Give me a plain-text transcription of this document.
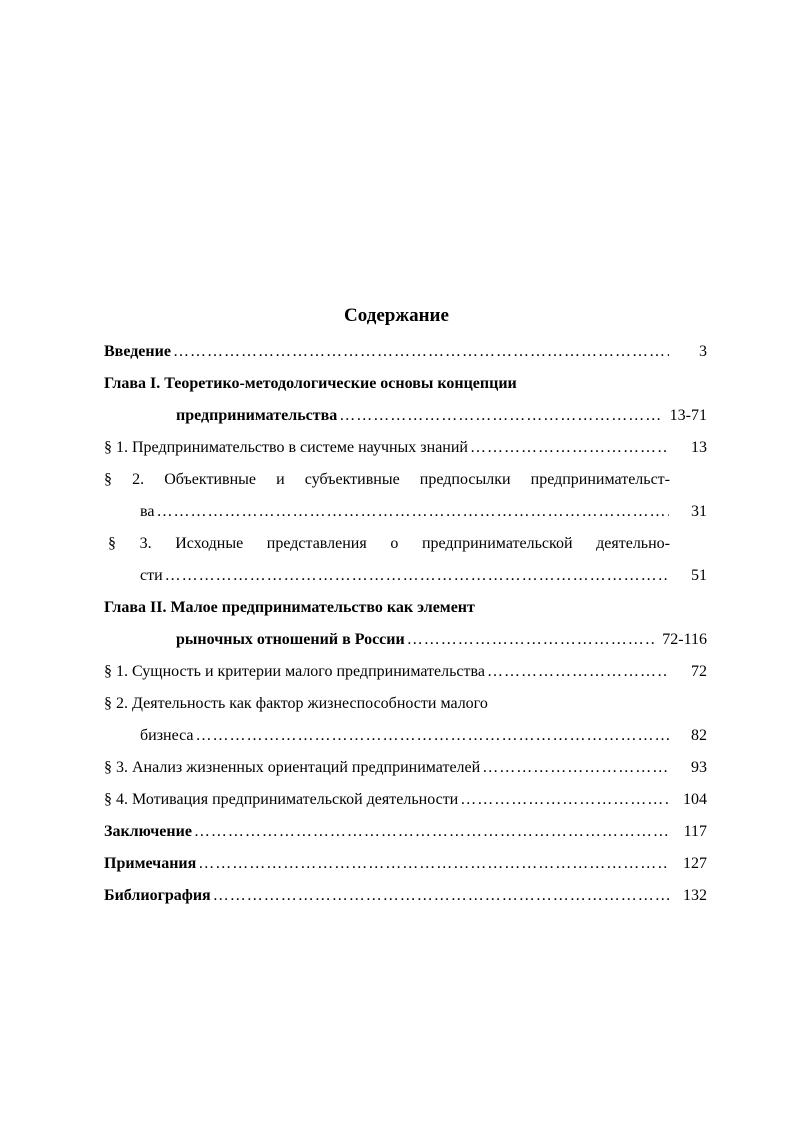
Содержание
Введение ……………………………………………………………………………………………………………………………………………………	3
Глава I. Теоретико-методологические основы концепции
предпринимательства ……………………………………………………………………………………………………………………………………………………	13-71
§ 1. Предпринимательство в системе научных знаний ……………………………………………………………………………………………………………………………………………………	13
§ 2. Объективные и субъективные предпосылки предпринимательст-
ва ……………………………………………………………………………………………………………………………………………………	31
§ 3. Исходные представления о предпринимательской деятельно-
сти ……………………………………………………………………………………………………………………………………………………	51
Глава II. Малое предпринимательство как элемент
рыночных отношений в России ……………………………………………………………………………………………………………………………………………………	72-116
§ 1. Сущность и критерии малого предпринимательства ……………………………………………………………………………………………………………………………………………………	72
§ 2. Деятельность как фактор жизнеспособности малого
бизнеса ……………………………………………………………………………………………………………………………………………………	82
§ 3. Анализ жизненных ориентаций предпринимателей ……………………………………………………………………………………………………………………………………………………	93
§ 4. Мотивация предпринимательской деятельности ……………………………………………………………………………………………………………………………………………………	104
Заключение ……………………………………………………………………………………………………………………………………………………	117
Примечания ……………………………………………………………………………………………………………………………………………………	127
Библиография ……………………………………………………………………………………………………………………………………………………	132
